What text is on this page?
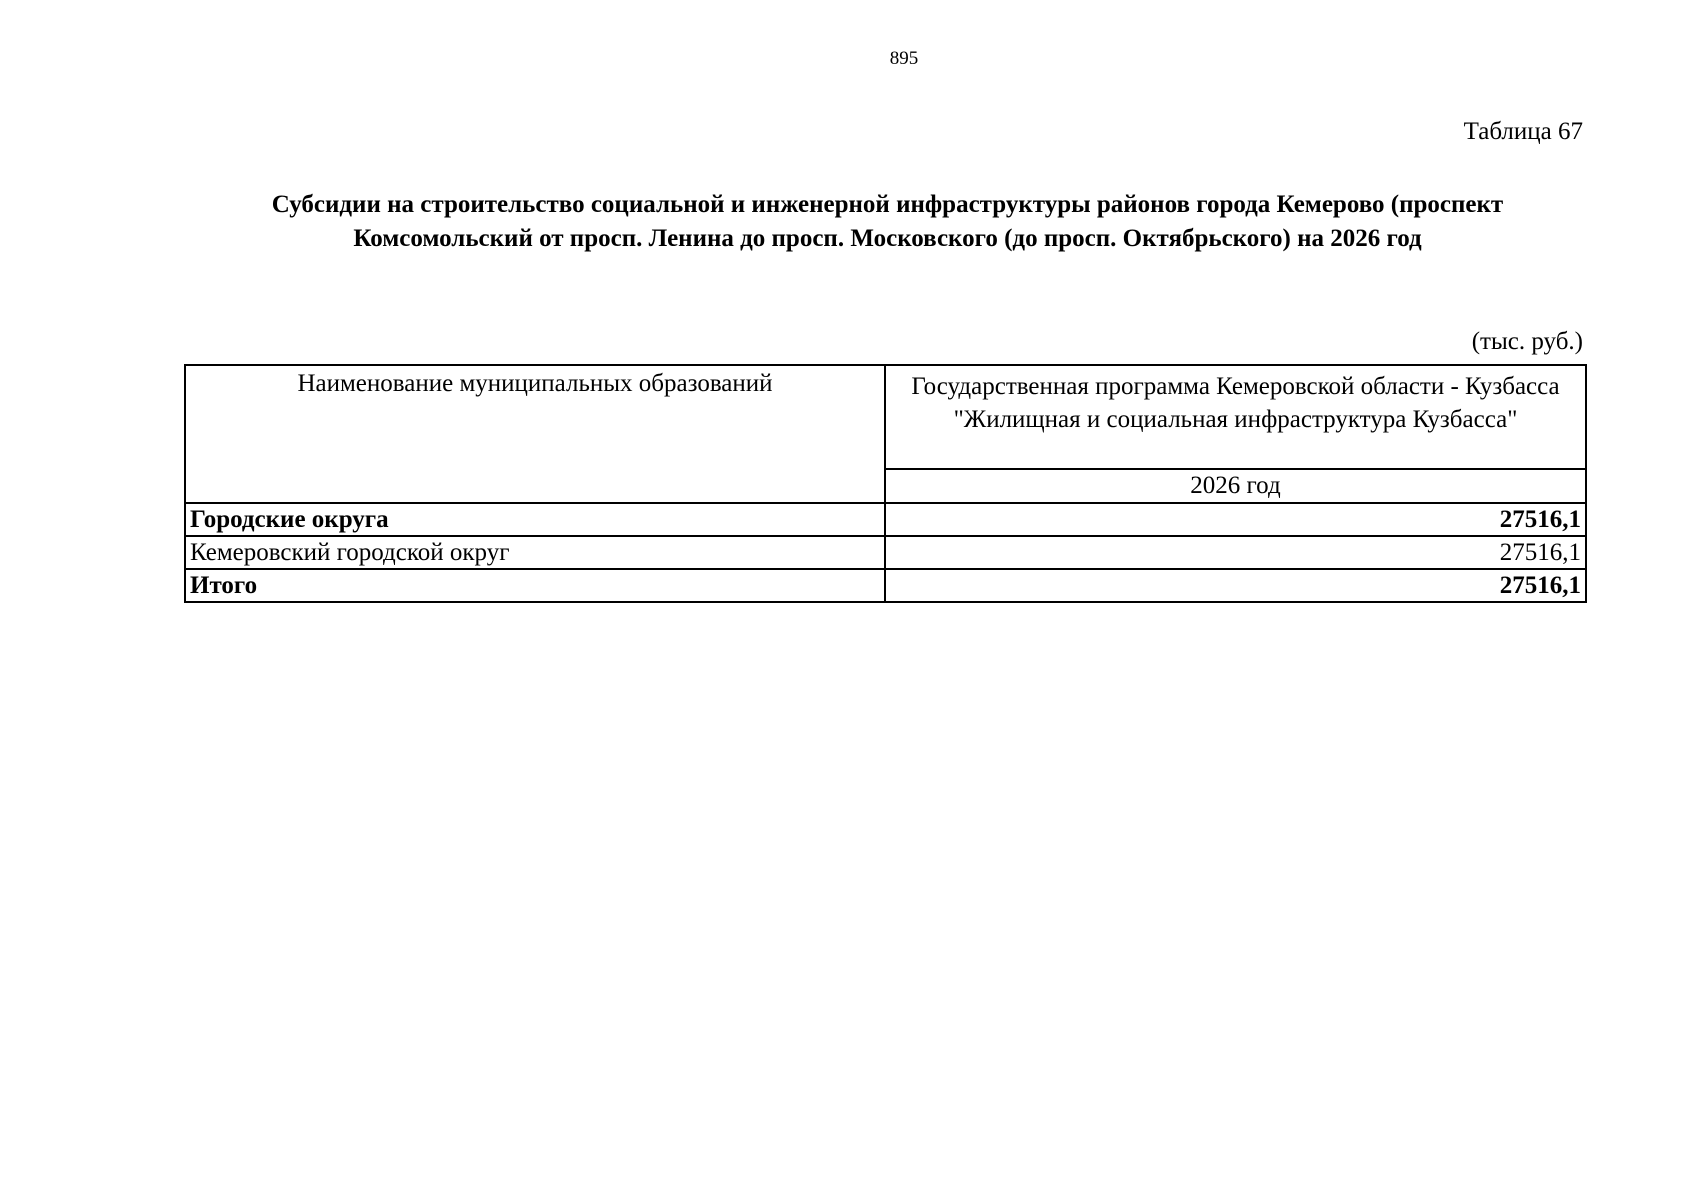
895
Таблица 67
Субсидии на строительство социальной и инженерной инфраструктуры районов города Кемерово (проспект Комсомольский от просп. Ленина до просп. Московского (до просп. Октябрьского) на 2026 год
(тыс. руб.)
Наименование муниципальных образований	Государственная программа Кемеровской области - Кузбасса "Жилищная и социальная инфраструктура Кузбасса"
	2026 год
Городские округа	27516,1
Кемеровский городской округ	27516,1
Итого	27516,1
